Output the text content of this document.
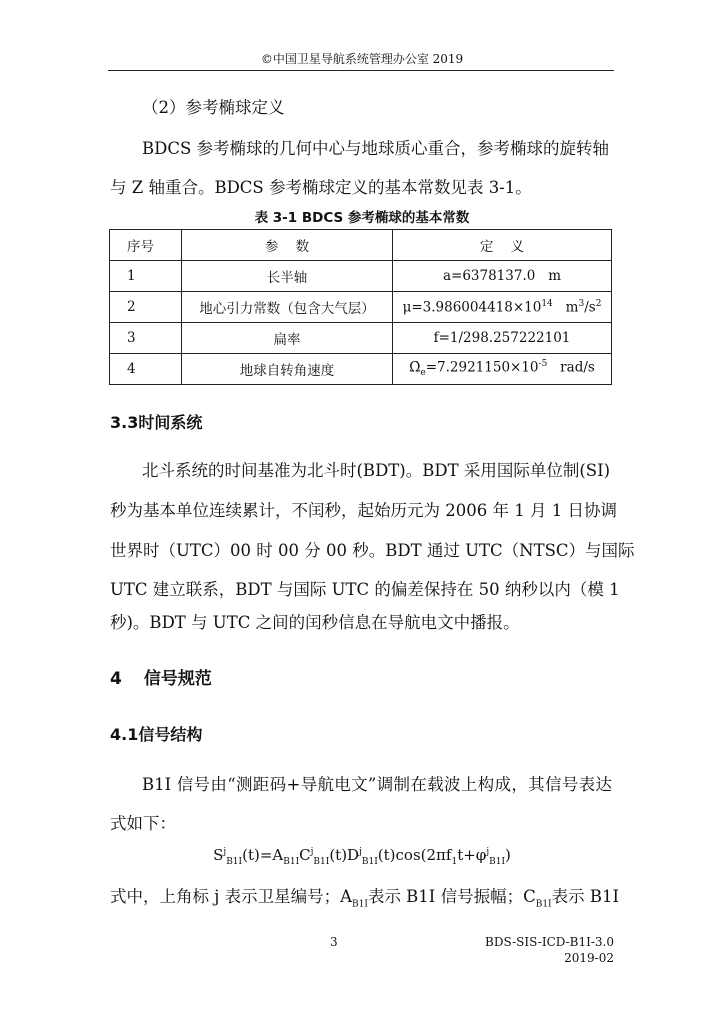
©中国卫星导航系统管理办公室 2019
（2）参考椭球定义
BDCS 参考椭球的几何中心与地球质心重合，参考椭球的旋转轴
与 Z 轴重合。BDCS 参考椭球定义的基本常数见表 3-1。
表 3-1 BDCS 参考椭球的基本常数
序号	参    数	定    义
1	长半轴	a=6378137.0   m
2	地心引力常数（包含大气层）	$\mu=3.986004418\times 10^{14}$   $m^3/s^2$
3	扁率	f=1/298.257222101
4	地球自转角速度	$\Omegȧ_e=7.2921150\times 10^{-5}$   rad/s
3.3时间系统
北斗系统的时间基准为北斗时(BDT)。BDT 采用国际单位制(SI)
秒为基本单位连续累计，不闰秒，起始历元为 2006 年 1 月 1 日协调
世界时（UTC）00 时 00 分 00 秒。BDT 通过 UTC（NTSC）与国际
UTC 建立联系，BDT 与国际 UTC 的偏差保持在 50 纳秒以内（模 1
秒)。BDT 与 UTC 之间的闰秒信息在导航电文中播报。
4 信号规范
4.1信号结构
B1I 信号由“测距码+导航电文”调制在载波上构成，其信号表达
式如下：
$S^j_{B1I}(t)=A_{B1I}C^j_{B1I}(t)D^j_{B1I}(t)\cos(2\pi f_1t+\varphi^j_{B1I})$
式中，上角标 j 表示卫星编号；$A_{B1I}$表示 B1I 信号振幅；$C_{B1I}$表示 B1I
3	BDS-SIS-ICD-B1I-3.0
2019-02
